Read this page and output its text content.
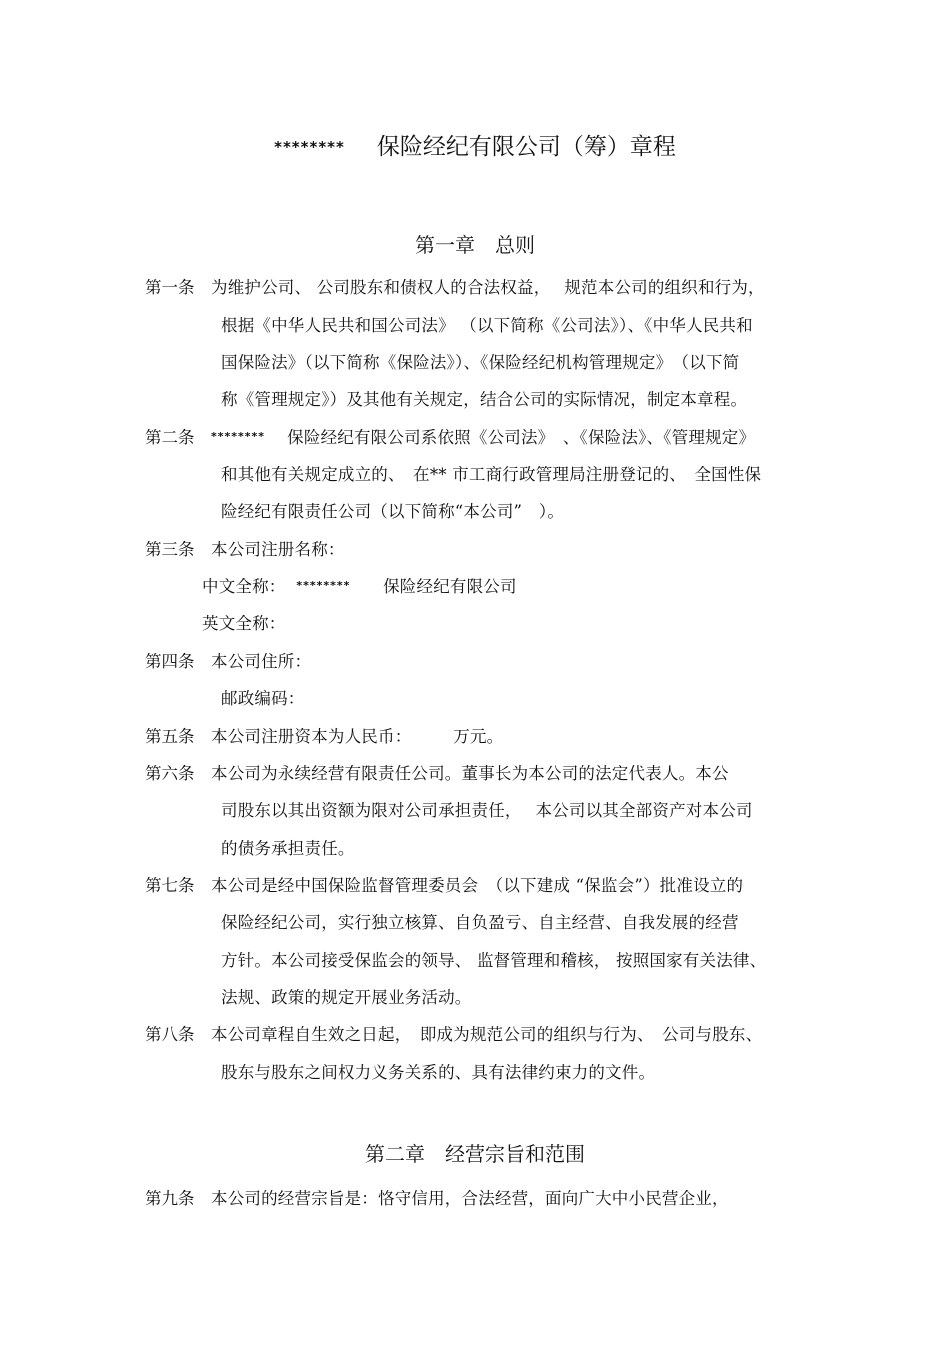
******** 保险经纪有限公司（筹）章程
第一章　总则
第一条 为维护公司、 公司股东和债权人的合法权益，　 规范本公司的组织和行为，
根据《中华人民共和国公司法》 （以下简称《公司法》）、《中华人民共和
国保险法》（以下简称《保险法》）、《保险经纪机构管理规定》　（以下简
称《管理规定》）及其他有关规定，结合公司的实际情况，制定本章程。
第二条 ********　 保险经纪有限公司系依照《公司法》　、《保险法》、《管理规定》
和其他有关规定成立的、　在** 市工商行政管理局注册登记的、　全国性保
险经纪有限责任公司（以下简称“本公司”　）。
第三条 本公司注册名称：
中文全称： ******** 保险经纪有限公司
英文全称：
第四条 本公司住所：
邮政编码：
第五条 本公司注册资本为人民币：　　　万元。
第六条 本公司为永续经营有限责任公司。董事长为本公司的法定代表人。本公
司股东以其出资额为限对公司承担责任，　 本公司以其全部资产对本公司
的债务承担责任。
第七条 本公司是经中国保险监督管理委员会　（以下建成 “保监会”）批准设立的
保险经纪公司，实行独立核算、自负盈亏、自主经营、自我发展的经营
方针。本公司接受保监会的领导、 监督管理和稽核， 按照国家有关法律、
法规、政策的规定开展业务活动。
第八条 本公司章程自生效之日起，　即成为规范公司的组织与行为、　公司与股东、
股东与股东之间权力义务关系的、具有法律约束力的文件。
第二章　经营宗旨和范围
第九条 本公司的经营宗旨是：恪守信用，合法经营，面向广大中小民营企业，
